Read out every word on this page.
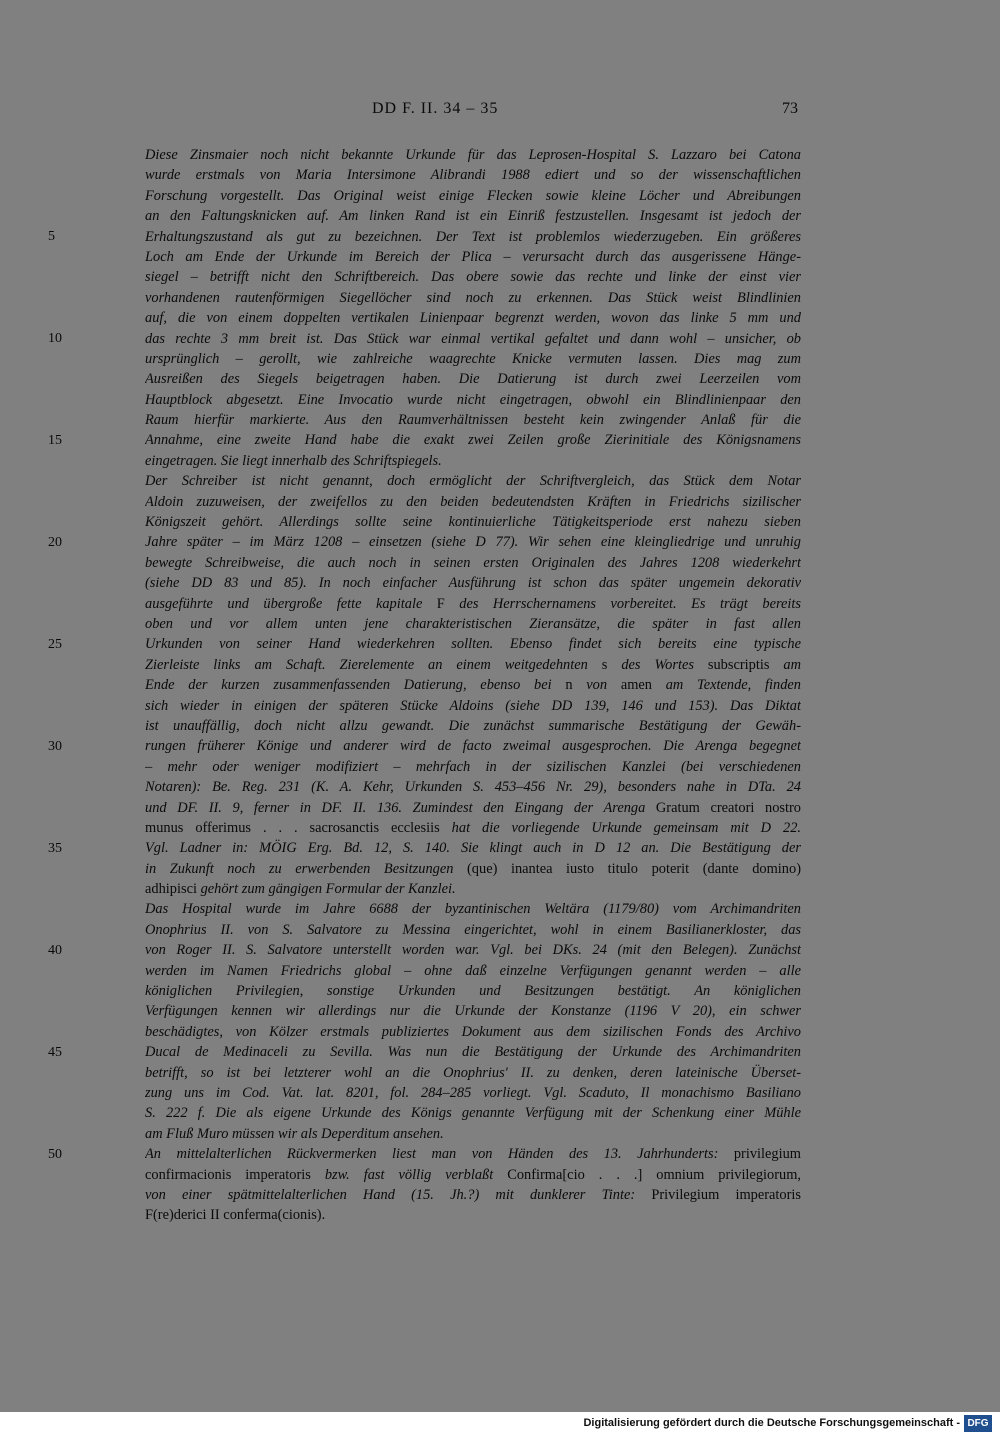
DD F. II. 34 – 35	73
5
10
15
20
25
30
35
40
45
50
Diese Zinsmaier noch nicht bekannte Urkunde für das Leprosen-Hospital S. Lazzaro bei Catona
wurde erstmals von Maria Intersimone Alibrandi 1988 ediert und so der wissenschaftlichen
Forschung vorgestellt. Das Original weist einige Flecken sowie kleine Löcher und Abreibungen
an den Faltungsknicken auf. Am linken Rand ist ein Einriß festzustellen. Insgesamt ist jedoch der
Erhaltungszustand als gut zu bezeichnen. Der Text ist problemlos wiederzugeben. Ein größeres
Loch am Ende der Urkunde im Bereich der Plica – verursacht durch das ausgerissene Hänge-
siegel – betrifft nicht den Schriftbereich. Das obere sowie das rechte und linke der einst vier
vorhandenen rautenförmigen Siegellöcher sind noch zu erkennen. Das Stück weist Blindlinien
auf, die von einem doppelten vertikalen Linienpaar begrenzt werden, wovon das linke 5 mm und
das rechte 3 mm breit ist. Das Stück war einmal vertikal gefaltet und dann wohl – unsicher, ob
ursprünglich – gerollt, wie zahlreiche waagrechte Knicke vermuten lassen. Dies mag zum
Ausreißen des Siegels beigetragen haben. Die Datierung ist durch zwei Leerzeilen vom
Hauptblock abgesetzt. Eine Invocatio wurde nicht eingetragen, obwohl ein Blindlinienpaar den
Raum hierfür markierte. Aus den Raumverhältnissen besteht kein zwingender Anlaß für die
Annahme, eine zweite Hand habe die exakt zwei Zeilen große Zierinitiale des Königsnamens
eingetragen. Sie liegt innerhalb des Schriftspiegels.
Der Schreiber ist nicht genannt, doch ermöglicht der Schriftvergleich, das Stück dem Notar
Aldoin zuzuweisen, der zweifellos zu den beiden bedeutendsten Kräften in Friedrichs sizilischer
Königszeit gehört. Allerdings sollte seine kontinuierliche Tätigkeitsperiode erst nahezu sieben
Jahre später – im März 1208 – einsetzen (siehe D 77). Wir sehen eine kleingliedrige und unruhig
bewegte Schreibweise, die auch noch in seinen ersten Originalen des Jahres 1208 wiederkehrt
(siehe DD 83 und 85). In noch einfacher Ausführung ist schon das später ungemein dekorativ
ausgeführte und übergroße fette kapitale F des Herrschernamens vorbereitet. Es trägt bereits
oben und vor allem unten jene charakteristischen Zieransätze, die später in fast allen
Urkunden von seiner Hand wiederkehren sollten. Ebenso findet sich bereits eine typische
Zierleiste links am Schaft. Zierelemente an einem weitgedehnten s des Wortes subscriptis am
Ende der kurzen zusammenfassenden Datierung, ebenso bei n von amen am Textende, finden
sich wieder in einigen der späteren Stücke Aldoins (siehe DD 139, 146 und 153). Das Diktat
ist unauffällig, doch nicht allzu gewandt. Die zunächst summarische Bestätigung der Gewäh-
rungen früherer Könige und anderer wird de facto zweimal ausgesprochen. Die Arenga begegnet
– mehr oder weniger modifiziert – mehrfach in der sizilischen Kanzlei (bei verschiedenen
Notaren): Be. Reg. 231 (K. A. Kehr, Urkunden S. 453–456 Nr. 29), besonders nahe in DTa. 24
und DF. II. 9, ferner in DF. II. 136. Zumindest den Eingang der Arenga Gratum creatori nostro
munus offerimus . . . sacrosanctis ecclesiis hat die vorliegende Urkunde gemeinsam mit D 22.
Vgl. Ladner in: MÖIG Erg. Bd. 12, S. 140. Sie klingt auch in D 12 an. Die Bestätigung der
in Zukunft noch zu erwerbenden Besitzungen (que) inantea iusto titulo poterit (dante domino)
adhipisci gehört zum gängigen Formular der Kanzlei.
Das Hospital wurde im Jahre 6688 der byzantinischen Weltära (1179/80) vom Archimandriten
Onophrius II. von S. Salvatore zu Messina eingerichtet, wohl in einem Basilianerkloster, das
von Roger II. S. Salvatore unterstellt worden war. Vgl. bei DKs. 24 (mit den Belegen). Zunächst
werden im Namen Friedrichs global – ohne daß einzelne Verfügungen genannt werden – alle
königlichen Privilegien, sonstige Urkunden und Besitzungen bestätigt. An königlichen
Verfügungen kennen wir allerdings nur die Urkunde der Konstanze (1196 V 20), ein schwer
beschädigtes, von Kölzer erstmals publiziertes Dokument aus dem sizilischen Fonds des Archivo
Ducal de Medinaceli zu Sevilla. Was nun die Bestätigung der Urkunde des Archimandriten
betrifft, so ist bei letzterer wohl an die Onophrius' II. zu denken, deren lateinische Überset-
zung uns im Cod. Vat. lat. 8201, fol. 284–285 vorliegt. Vgl. Scaduto, Il monachismo Basiliano
S. 222 f. Die als eigene Urkunde des Königs genannte Verfügung mit der Schenkung einer Mühle
am Fluß Muro müssen wir als Deperditum ansehen.
An mittelalterlichen Rückvermerken liest man von Händen des 13. Jahrhunderts: privilegium
confirmacionis imperatoris bzw. fast völlig verblaßt Confirma[cio . . .] omnium privilegiorum,
von einer spätmittelalterlichen Hand (15. Jh.?) mit dunklerer Tinte: Privilegium imperatoris
F(re)derici II conferma(cionis).
Digitalisierung gefördert durch die Deutsche Forschungsgemeinschaft - DFG
